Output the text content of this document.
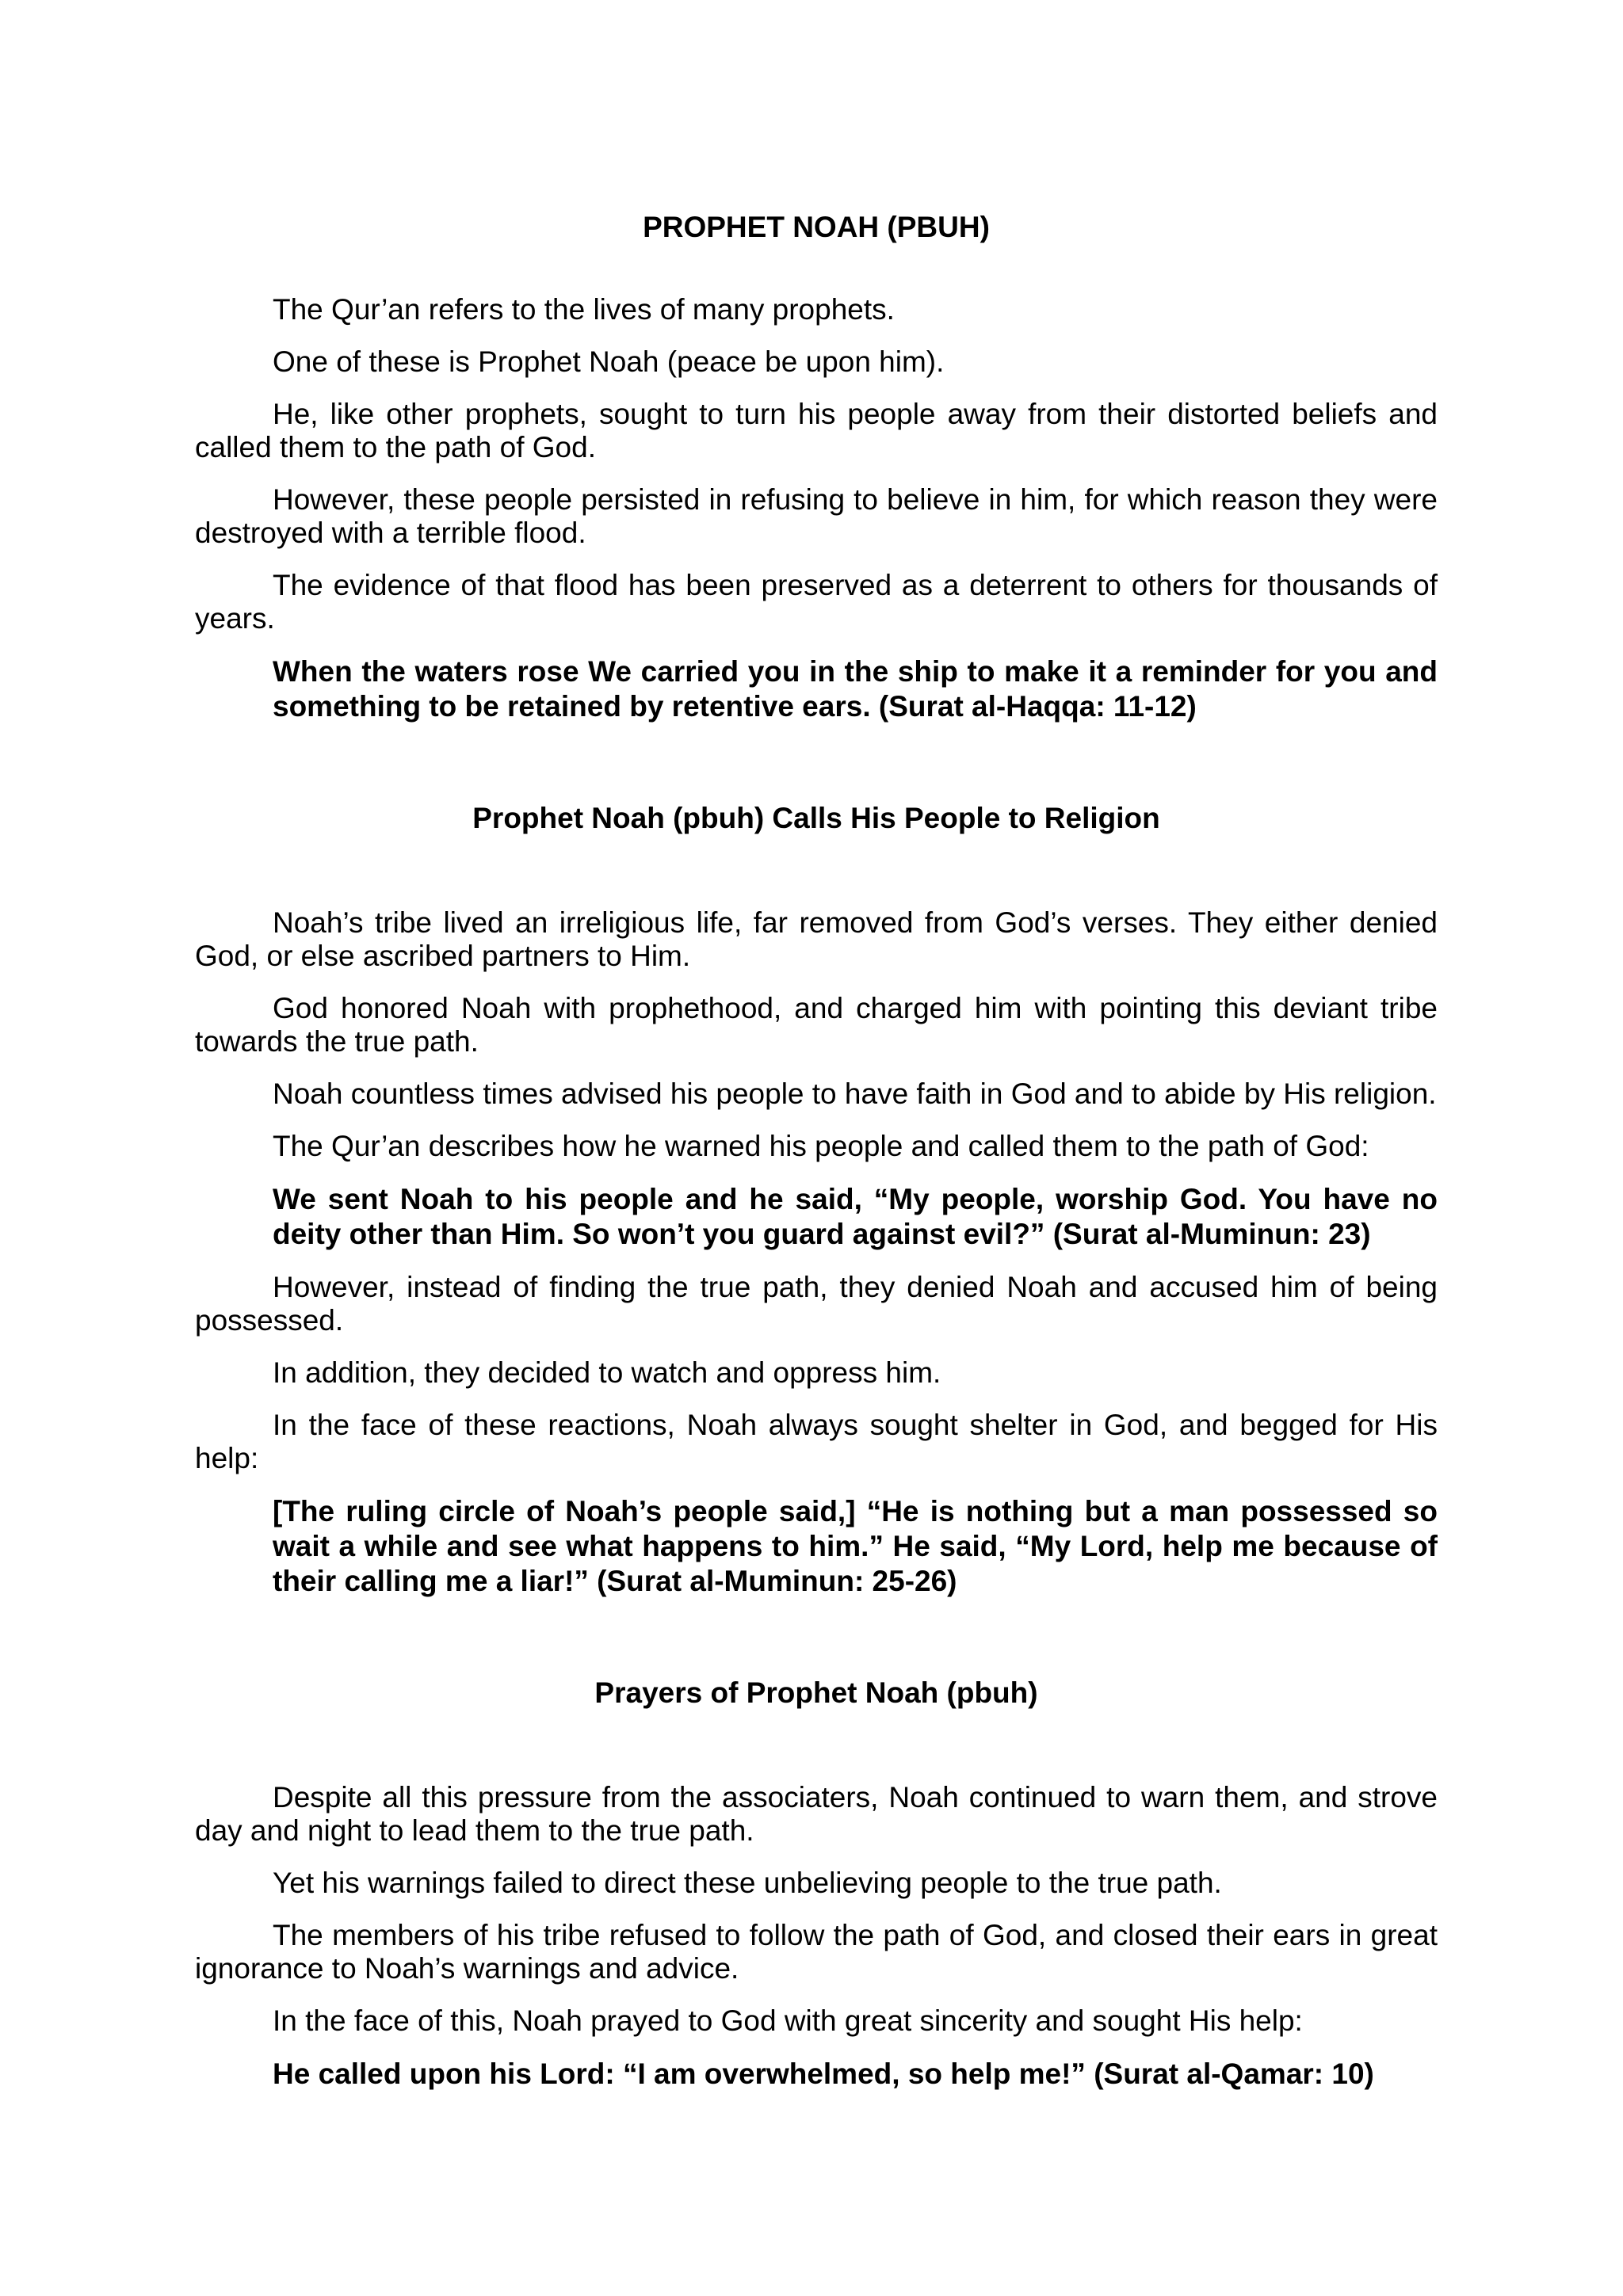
PROPHET NOAH (PBUH)

The Qur’an refers to the lives of many prophets.

One of these is Prophet Noah (peace be upon him).

He, like other prophets, sought to turn his people away from their distorted beliefs and called them to the path of God.

However, these people persisted in refusing to believe in him, for which reason they were destroyed with a terrible flood.

The evidence of that flood has been preserved as a deterrent to others for thousands of years.

When the waters rose We carried you in the ship to make it a reminder for you and something to be retained by retentive ears. (Surat al-Haqqa: 11-12)

Prophet Noah (pbuh) Calls His People to Religion

Noah’s tribe lived an irreligious life, far removed from God’s verses. They either denied God, or else ascribed partners to Him.

God honored Noah with prophethood, and charged him with pointing this deviant tribe towards the true path.

Noah countless times advised his people to have faith in God and to abide by His religion.

The Qur’an describes how he warned his people and called them to the path of God:

We sent Noah to his people and he said, “My people, worship God. You have no deity other than Him. So won’t you guard against evil?” (Surat al-Muminun: 23)

However, instead of finding the true path, they denied Noah and accused him of being possessed.

In addition, they decided to watch and oppress him.

In the face of these reactions, Noah always sought shelter in God, and begged for His help:

[The ruling circle of Noah’s people said,] “He is nothing but a man possessed so wait a while and see what happens to him.” He said, “My Lord, help me because of their calling me a liar!” (Surat al-Muminun: 25-26)

Prayers of Prophet Noah (pbuh)

Despite all this pressure from the associaters, Noah continued to warn them, and strove day and night to lead them to the true path.

Yet his warnings failed to direct these unbelieving people to the true path.

The members of his tribe refused to follow the path of God, and closed their ears in great ignorance to Noah’s warnings and advice.

In the face of this, Noah prayed to God with great sincerity and sought His help:

He called upon his Lord: “I am overwhelmed, so help me!” (Surat al-Qamar: 10)
